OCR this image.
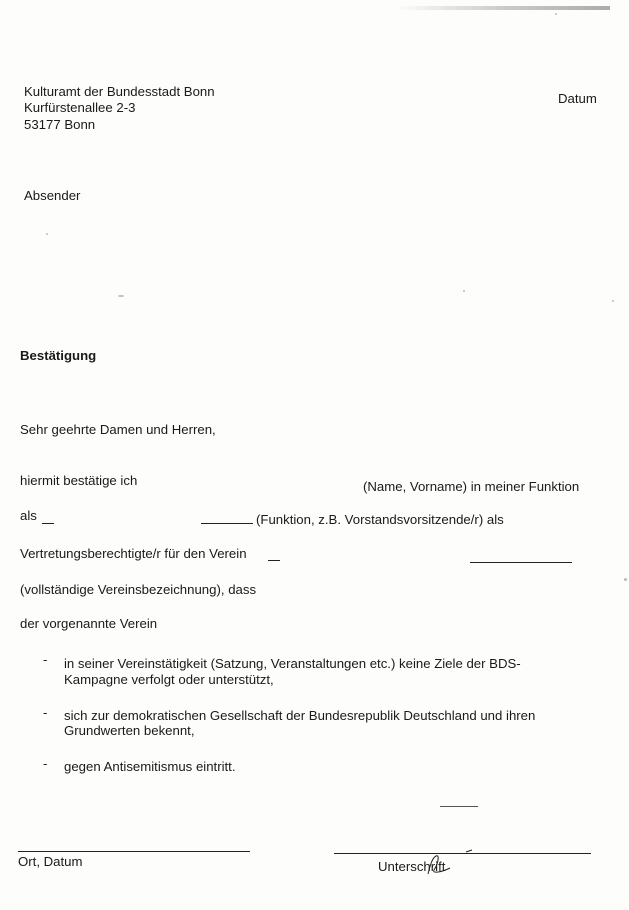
Kulturamt der Bundesstadt Bonn
Kurfürstenallee 2-3
53177 Bonn
Datum
Absender
Bestätigung
Sehr geehrte Damen und Herren,
hiermit bestätige ich	(Name, Vorname) in meiner Funktion
als	(Funktion, z.B. Vorstandsvorsitzende/r) als
Vertretungsberechtigte/r für den Verein
(vollständige Vereinsbezeichnung), dass
der vorgenannte Verein
- in seiner Vereinstätigkeit (Satzung, Veranstaltungen etc.) keine Ziele der BDS-
Kampagne verfolgt oder unterstützt,
- sich zur demokratischen Gesellschaft der Bundesrepublik Deutschland und ihren
Grundwerten bekennt,
- gegen Antisemitismus eintritt.
Ort, Datum	Unterschrift
